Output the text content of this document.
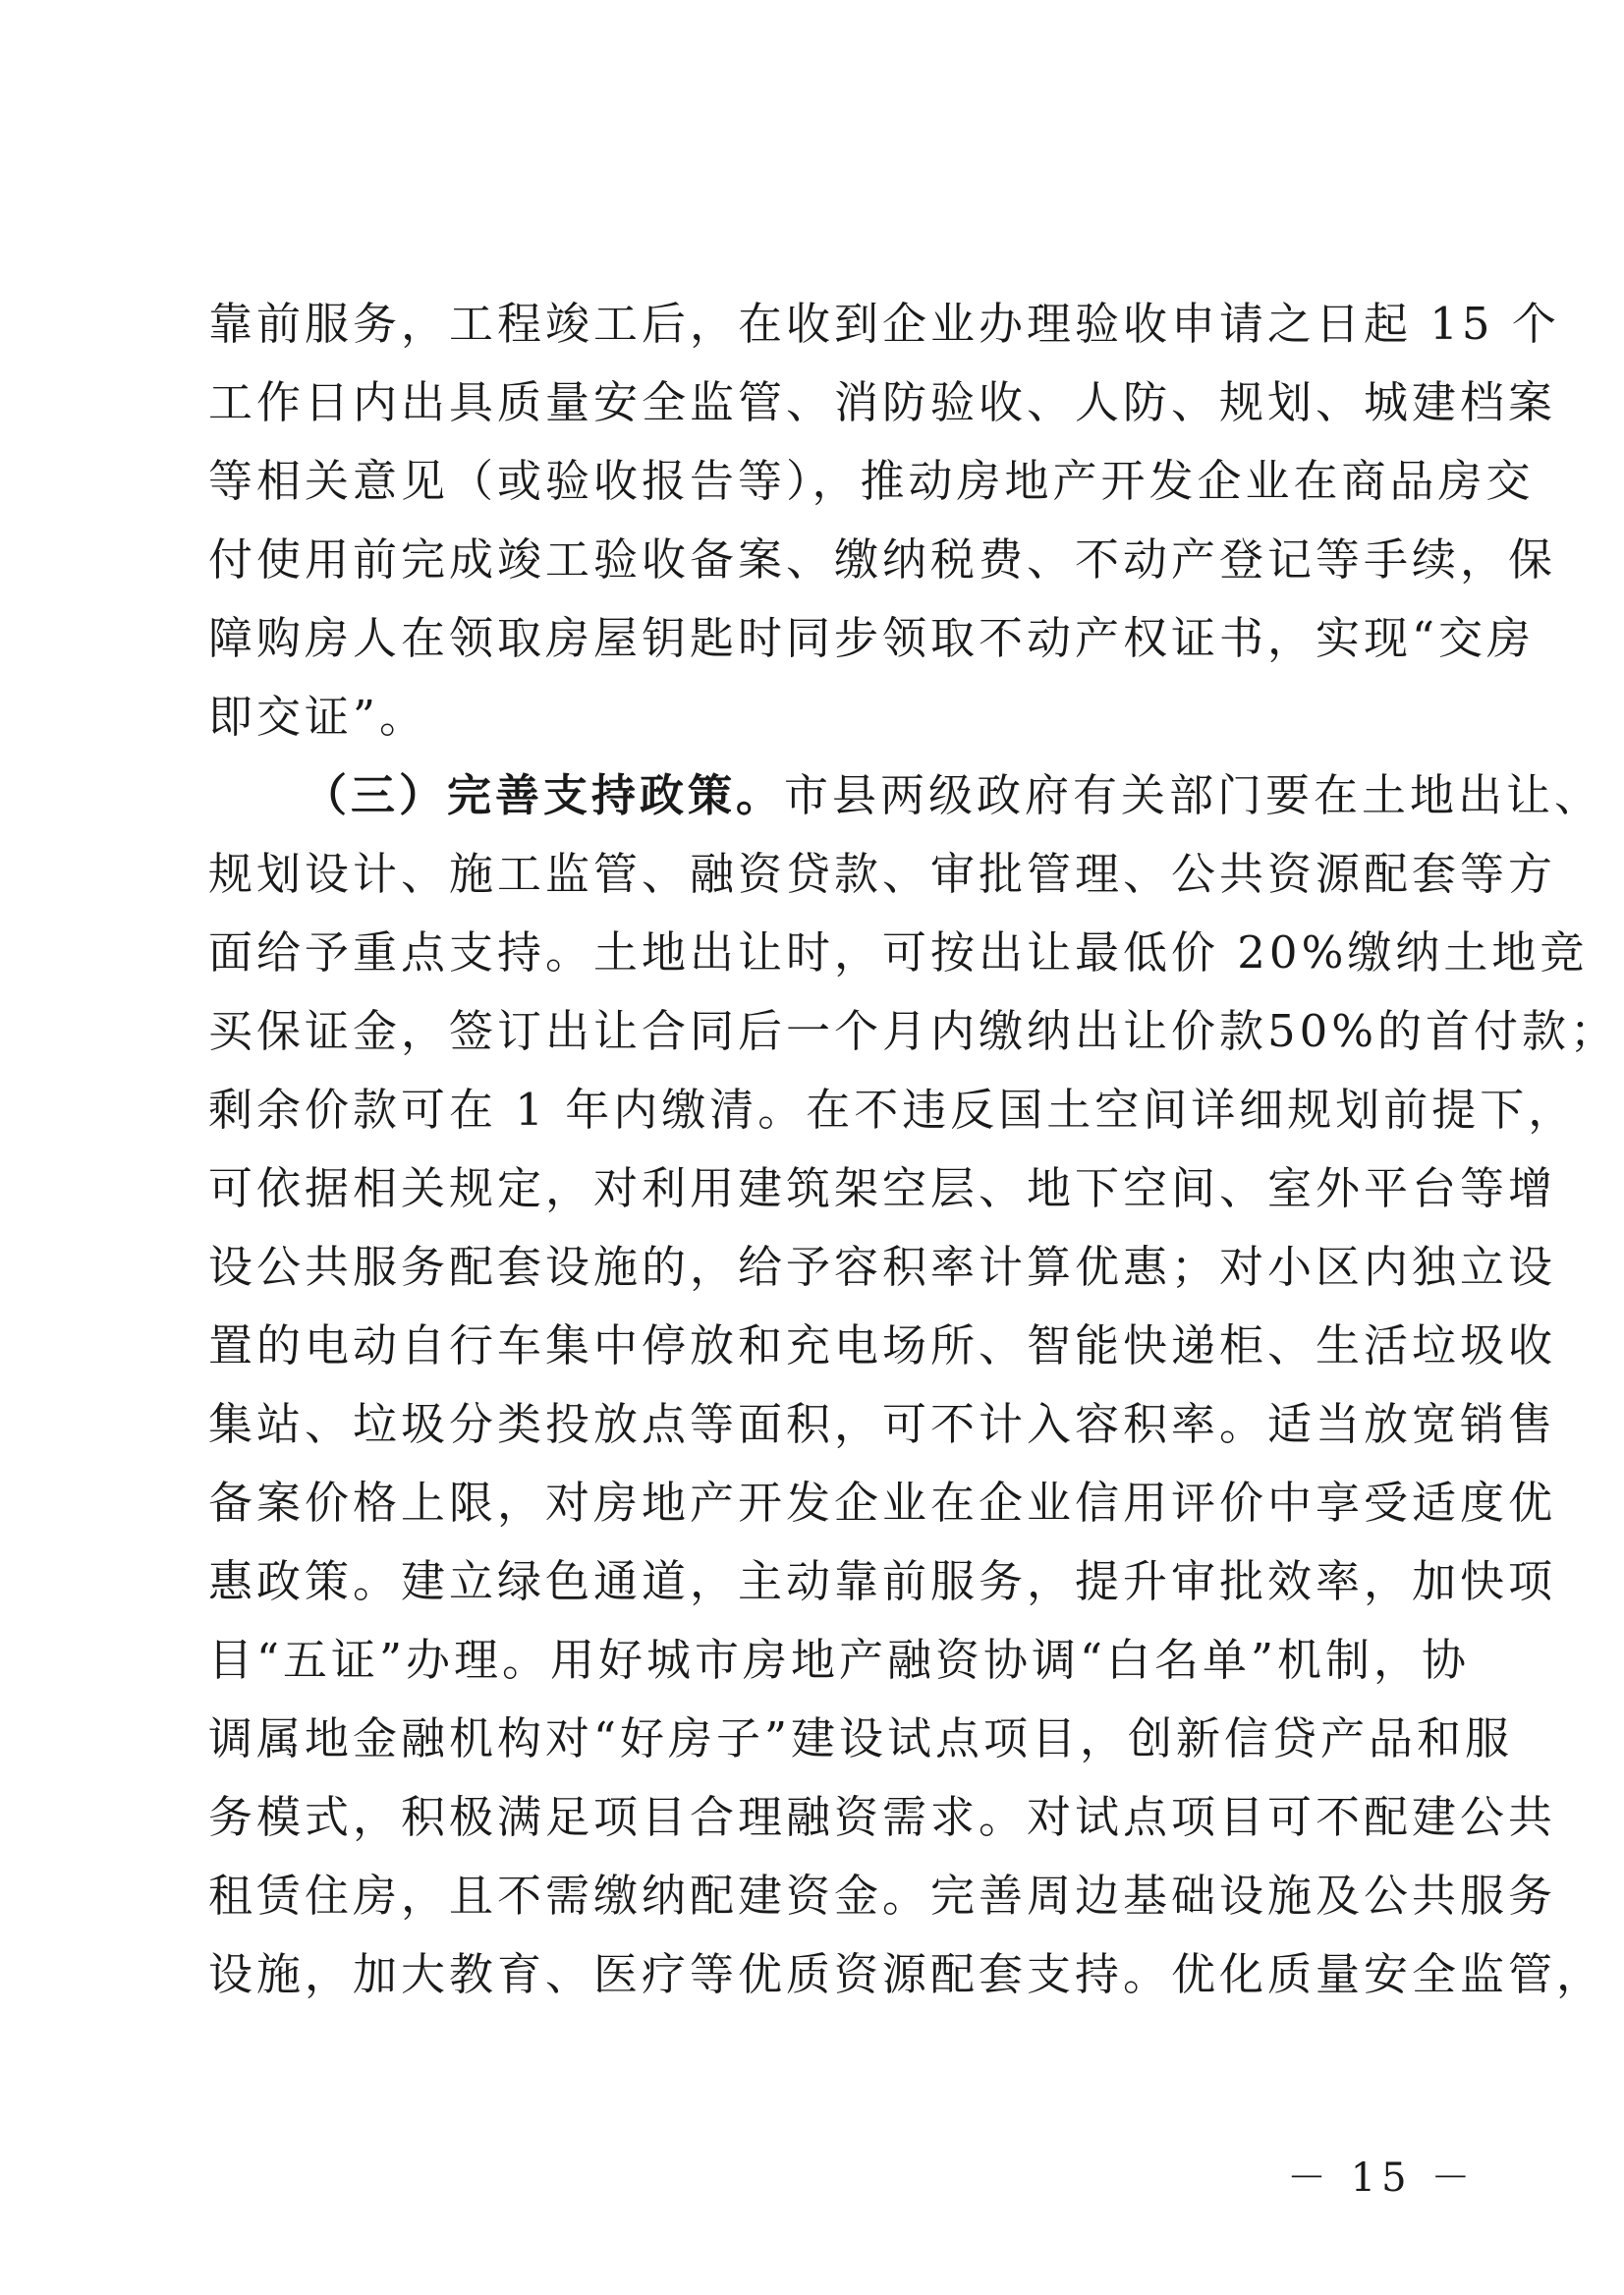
靠前服务，工程竣工后，在收到企业办理验收申请之日起 15 个
工作日内出具质量安全监管、消防验收、人防、规划、城建档案
等相关意见（或验收报告等），推动房地产开发企业在商品房交
付使用前完成竣工验收备案、缴纳税费、不动产登记等手续，保
障购房人在领取房屋钥匙时同步领取不动产权证书，实现“交房
即交证”。
（三）完善支持政策。市县两级政府有关部门要在土地出让、
规划设计、施工监管、融资贷款、审批管理、公共资源配套等方
面给予重点支持。土地出让时，可按出让最低价 20%缴纳土地竞
买保证金，签订出让合同后一个月内缴纳出让价款50%的首付款；
剩余价款可在 1 年内缴清。在不违反国土空间详细规划前提下，
可依据相关规定，对利用建筑架空层、地下空间、室外平台等增
设公共服务配套设施的，给予容积率计算优惠；对小区内独立设
置的电动自行车集中停放和充电场所、智能快递柜、生活垃圾收
集站、垃圾分类投放点等面积，可不计入容积率。适当放宽销售
备案价格上限，对房地产开发企业在企业信用评价中享受适度优
惠政策。建立绿色通道，主动靠前服务，提升审批效率，加快项
目“五证”办理。用好城市房地产融资协调“白名单”机制，协
调属地金融机构对“好房子”建设试点项目，创新信贷产品和服
务模式，积极满足项目合理融资需求。对试点项目可不配建公共
租赁住房，且不需缴纳配建资金。完善周边基础设施及公共服务
设施，加大教育、医疗等优质资源配套支持。优化质量安全监管，
－ 15 －
